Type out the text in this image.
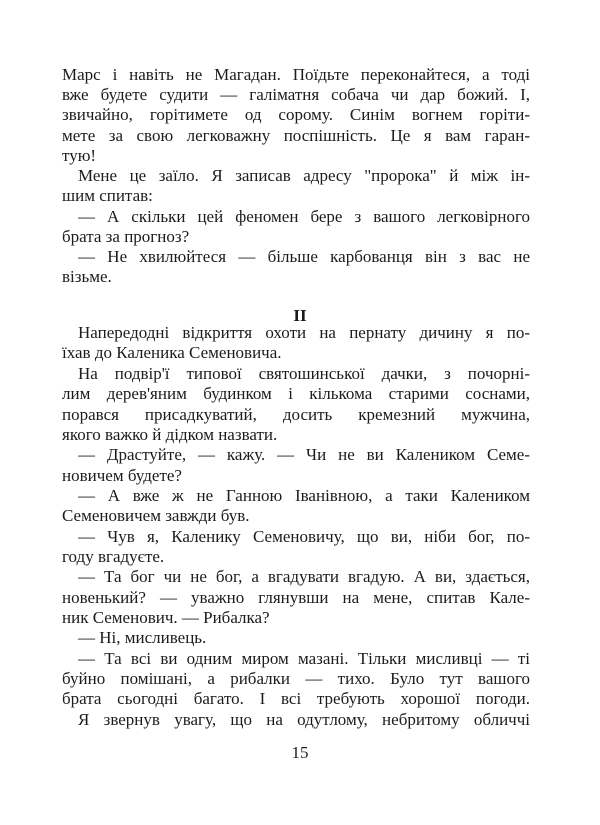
Марс і навіть не Магадан. Поїдьте переконайтеся, а тоді
вже будете судити — галіматня собача чи дар божий. І,
звичайно, горітимете од сорому. Синім вогнем горіти-
мете за свою легковажну поспішність. Це я вам гаран-
тую!
Мене це заїло. Я записав адресу "пророка" й між ін-
шим спитав:
— А скільки цей феномен бере з вашого легковірного
брата за прогноз?
— Не хвилюйтеся — більше карбованця він з вас не
візьме.
II
Напередодні відкриття охоти на пернату дичину я по-
їхав до Каленика Семеновича.
На подвір'ї типової святошинської дачки, з почорні-
лим дерев'яним будинком і кількома старими соснами,
порався присадкуватий, досить кремезний мужчина,
якого важко й дідком назвати.
— Драстуйте, — кажу. — Чи не ви Калеником Семе-
новичем будете?
— А вже ж не Ганною Іванівною, а таки Калеником
Семеновичем завжди був.
— Чув я, Каленику Семеновичу, що ви, ніби бог, по-
году вгадуєте.
— Та бог чи не бог, а вгадувати вгадую. А ви, здається,
новенький? — уважно глянувши на мене, спитав Кале-
ник Семенович. — Рибалка?
— Ні, мисливець.
— Та всі ви одним миром мазані. Тільки мисливці — ті
буйно помішані, а рибалки — тихо. Було тут вашого
брата сьогодні багато. І всі требують хорошої погоди.
Я звернув увагу, що на одутлому, небритому обличчі
15
